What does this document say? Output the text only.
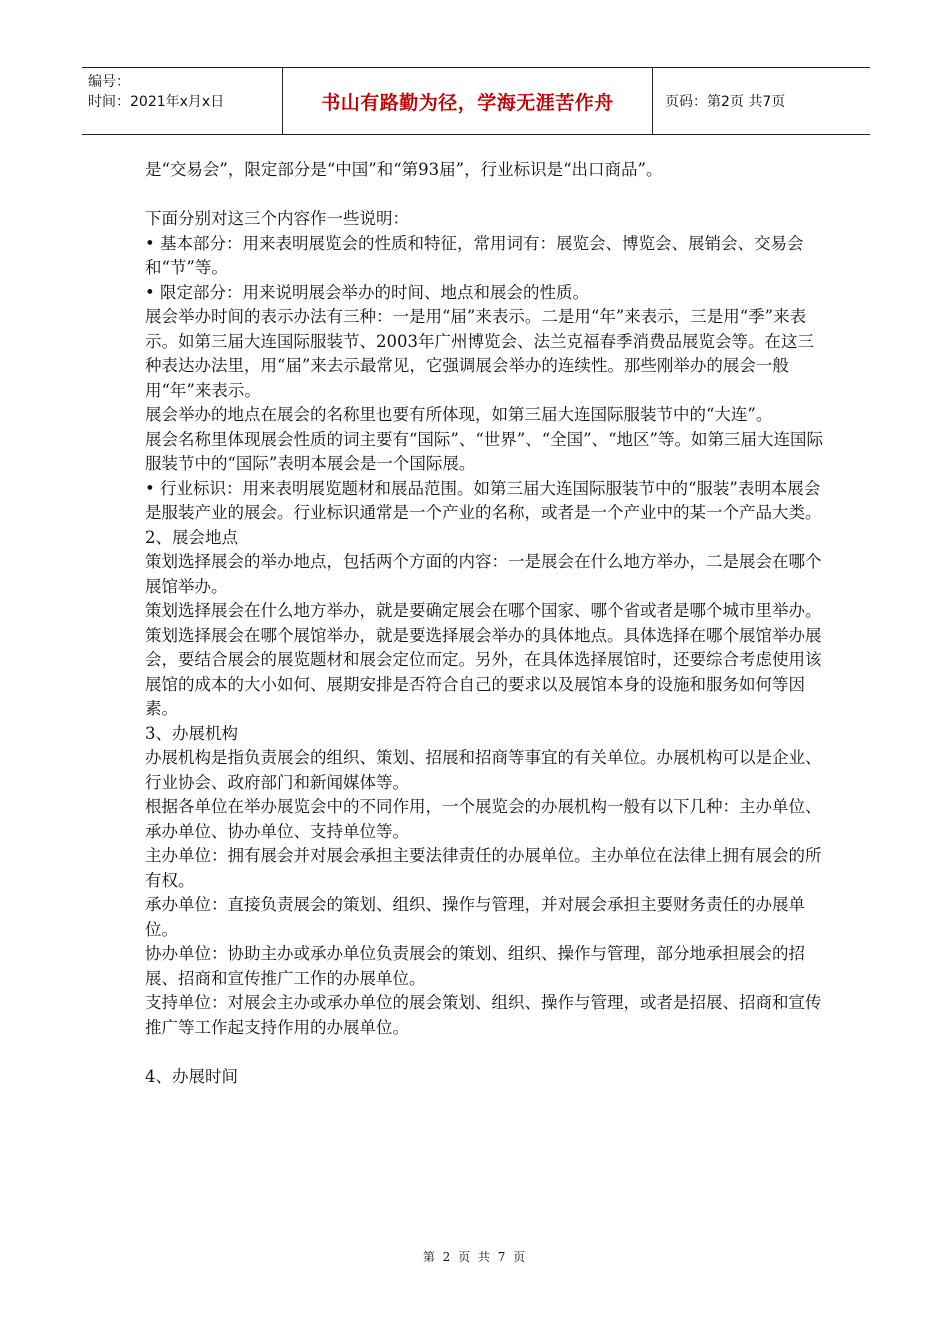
编号：
时间：2021年x月x日	书山有路勤为径，学海无涯苦作舟	页码：第2页 共7页

是“交易会”，限定部分是“中国”和“第93届”，行业标识是“出口商品”。

下面分别对这三个内容作一些说明：

• 基本部分：用来表明展览会的性质和特征，常用词有：展览会、博览会、展销会、交易会和“节”等。

• 限定部分：用来说明展会举办的时间、地点和展会的性质。

展会举办时间的表示办法有三种：一是用“届”来表示。二是用“年”来表示，三是用“季”来表示。如第三届大连国际服装节、2003年广州博览会、法兰克福春季消费品展览会等。在这三种表达办法里，用“届”来去示最常见，它强调展会举办的连续性。那些刚举办的展会一般用“年”来表示。

展会举办的地点在展会的名称里也要有所体现，如第三届大连国际服装节中的“大连”。

展会名称里体现展会性质的词主要有“国际”、“世界”、“全国”、“地区”等。如第三届大连国际服装节中的“国际”表明本展会是一个国际展。

• 行业标识：用来表明展览题材和展品范围。如第三届大连国际服装节中的“服装”表明本展会是服装产业的展会。行业标识通常是一个产业的名称，或者是一个产业中的某一个产品大类。

2、展会地点

策划选择展会的举办地点，包括两个方面的内容：一是展会在什么地方举办，二是展会在哪个展馆举办。

策划选择展会在什么地方举办，就是要确定展会在哪个国家、哪个省或者是哪个城市里举办。

策划选择展会在哪个展馆举办，就是要选择展会举办的具体地点。具体选择在哪个展馆举办展会，要结合展会的展览题材和展会定位而定。另外，在具体选择展馆时，还要综合考虑使用该展馆的成本的大小如何、展期安排是否符合自己的要求以及展馆本身的设施和服务如何等因素。

3、办展机构

办展机构是指负责展会的组织、策划、招展和招商等事宜的有关单位。办展机构可以是企业、行业协会、政府部门和新闻媒体等。

根据各单位在举办展览会中的不同作用，一个展览会的办展机构一般有以下几种：主办单位、承办单位、协办单位、支持单位等。

主办单位：拥有展会并对展会承担主要法律责任的办展单位。主办单位在法律上拥有展会的所有权。

承办单位：直接负责展会的策划、组织、操作与管理，并对展会承担主要财务责任的办展单位。

协办单位：协助主办或承办单位负责展会的策划、组织、操作与管理，部分地承担展会的招展、招商和宣传推广工作的办展单位。

支持单位：对展会主办或承办单位的展会策划、组织、操作与管理，或者是招展、招商和宣传推广等工作起支持作用的办展单位。

4、办展时间

第 2 页 共 7 页
